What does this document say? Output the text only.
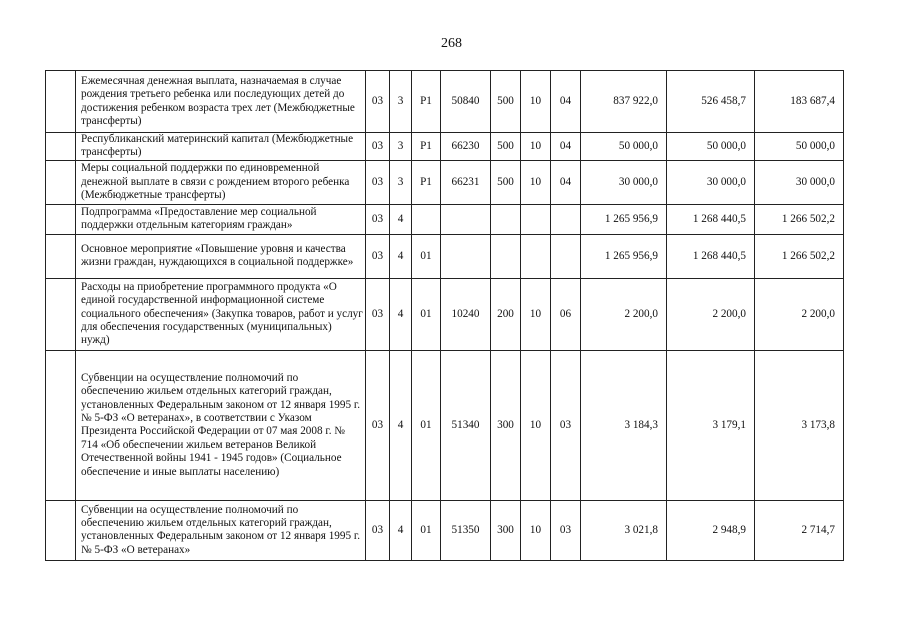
268
	Ежемесячная денежная выплата, назначаемая в случае рождения третьего ребенка или последующих детей до достижения ребенком возраста трех лет (Межбюджетные трансферты)	03	3	Р1	50840	500	10	04	837 922,0	526 458,7	183 687,4
	Республиканский материнский капитал (Межбюджетные трансферты)	03	3	Р1	66230	500	10	04	50 000,0	50 000,0	50 000,0
	Меры социальной поддержки по единовременной денежной выплате в связи с рождением второго ребенка (Межбюджетные трансферты)	03	3	Р1	66231	500	10	04	30 000,0	30 000,0	30 000,0
	Подпрограмма «Предоставление мер социальной поддержки отдельным категориям граждан»	03	4						1 265 956,9	1 268 440,5	1 266 502,2
	Основное мероприятие «Повышение уровня и качества жизни граждан, нуждающихся в социальной поддержке»	03	4	01					1 265 956,9	1 268 440,5	1 266 502,2
	Расходы на приобретение программного продукта «О единой государственной информационной системе социального обеспечения» (Закупка товаров, работ и услуг для обеспечения государственных (муниципальных) нужд)	03	4	01	10240	200	10	06	2 200,0	2 200,0	2 200,0
	Субвенции на осуществление полномочий по обеспечению жильем отдельных категорий граждан, установленных Федеральным законом от 12 января 1995 г. № 5-ФЗ «О ветеранах», в соответствии с Указом Президента Российской Федерации от 07 мая 2008 г. № 714 «Об обеспечении жильем ветеранов Великой Отечественной войны 1941 - 1945 годов» (Социальное обеспечение и иные выплаты населению)	03	4	01	51340	300	10	03	3 184,3	3 179,1	3 173,8
	Субвенции на осуществление полномочий по обеспечению жильем отдельных категорий граждан, установленных Федеральным законом от 12 января 1995 г. № 5-ФЗ «О ветеранах»	03	4	01	51350	300	10	03	3 021,8	2 948,9	2 714,7
